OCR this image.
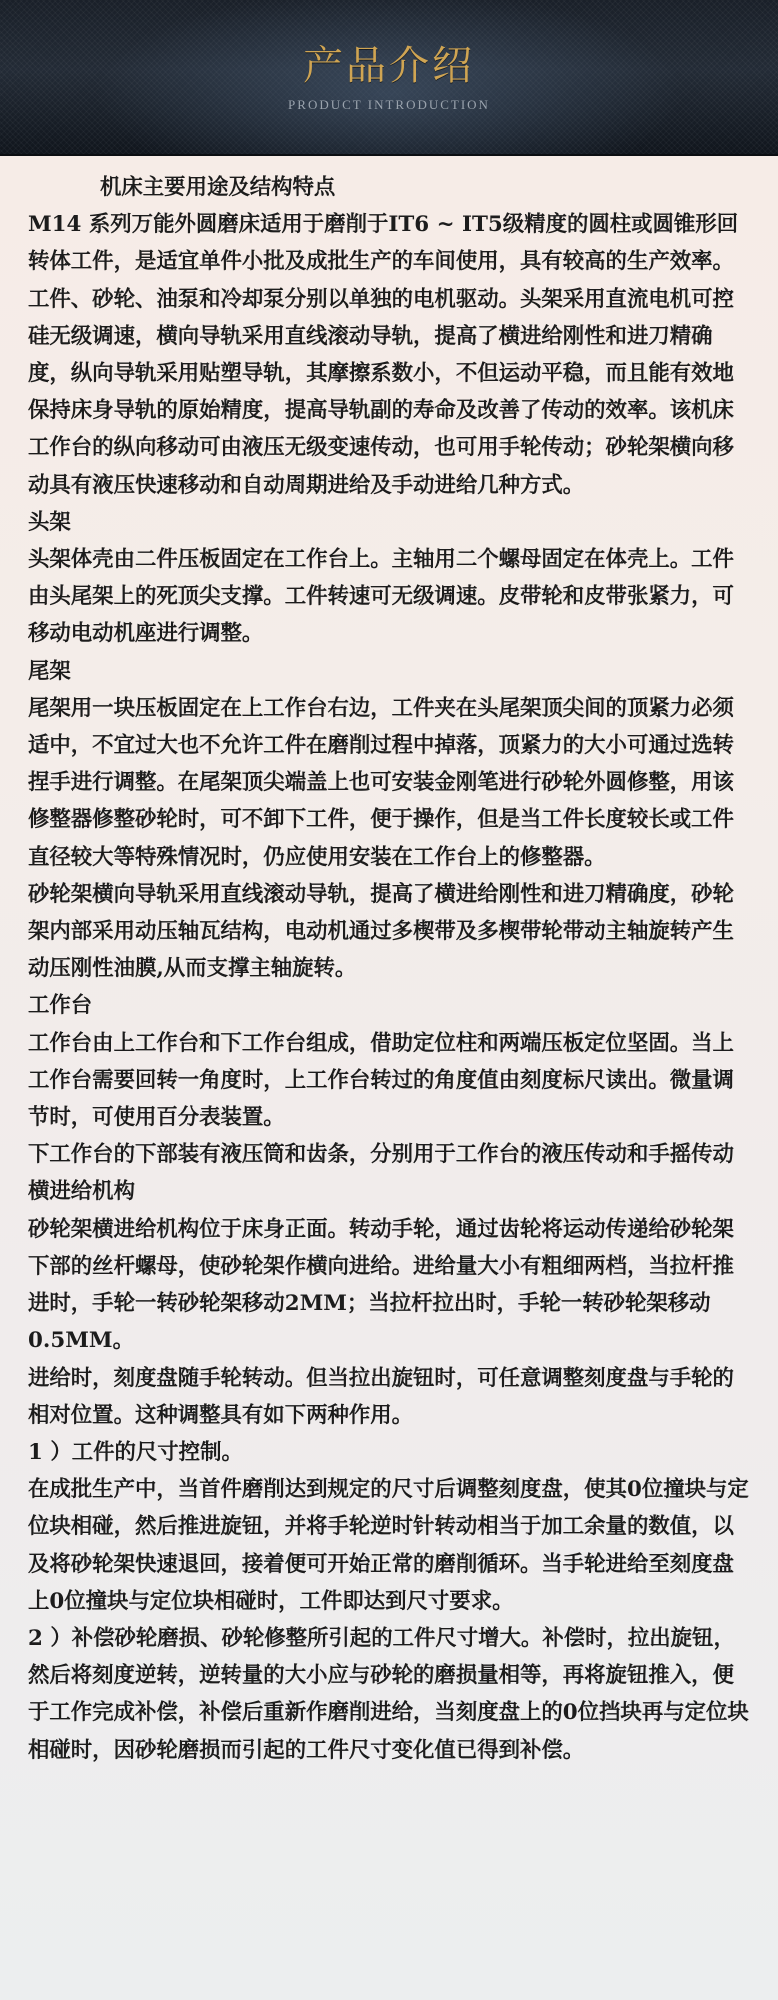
产品介绍
PRODUCT INTRODUCTION

机床主要用途及结构特点

M14 系列万能外圆磨床适用于磨削于IT6 ~ IT5级精度的圆柱或圆锥形回转体工件，是适宜单件小批及成批生产的车间使用，具有较高的生产效率。工件、砂轮、油泵和冷却泵分别以单独的电机驱动。头架采用直流电机可控硅无级调速，横向导轨采用直线滚动导轨，提高了横进给刚性和进刀精确度，纵向导轨采用贴塑导轨，其摩擦系数小，不但运动平稳，而且能有效地保持床身导轨的原始精度，提高导轨副的寿命及改善了传动的效率。该机床工作台的纵向移动可由液压无级变速传动，也可用手轮传动；砂轮架横向移动具有液压快速移动和自动周期进给及手动进给几种方式。

头架

头架体壳由二件压板固定在工作台上。主轴用二个螺母固定在体壳上。工件由头尾架上的死顶尖支撑。工件转速可无级调速。皮带轮和皮带张紧力，可移动电动机座进行调整。

尾架

尾架用一块压板固定在上工作台右边，工件夹在头尾架顶尖间的顶紧力必须适中，不宜过大也不允许工件在磨削过程中掉落，顶紧力的大小可通过选转捏手进行调整。在尾架顶尖端盖上也可安装金刚笔进行砂轮外圆修整，用该修整器修整砂轮时，可不卸下工件，便于操作，但是当工件长度较长或工件直径较大等特殊情况时，仍应使用安装在工作台上的修整器。

砂轮架横向导轨采用直线滚动导轨，提高了横进给刚性和进刀精确度，砂轮架内部采用动压轴瓦结构，电动机通过多楔带及多楔带轮带动主轴旋转产生动压刚性油膜,从而支撑主轴旋转。

工作台

工作台由上工作台和下工作台组成，借助定位柱和两端压板定位坚固。当上工作台需要回转一角度时，上工作台转过的角度值由刻度标尺读出。微量调节时，可使用百分表装置。

下工作台的下部装有液压筒和齿条，分别用于工作台的液压传动和手摇传动

横进给机构

砂轮架横进给机构位于床身正面。转动手轮，通过齿轮将运动传递给砂轮架下部的丝杆螺母，使砂轮架作横向进给。进给量大小有粗细两档，当拉杆推进时，手轮一转砂轮架移动2MM；当拉杆拉出时，手轮一转砂轮架移动0.5MM。

进给时，刻度盘随手轮转动。但当拉出旋钮时，可任意调整刻度盘与手轮的相对位置。这种调整具有如下两种作用。

1 ）工件的尺寸控制。

在成批生产中，当首件磨削达到规定的尺寸后调整刻度盘，使其0位撞块与定位块相碰，然后推进旋钮，并将手轮逆时针转动相当于加工余量的数值，以及将砂轮架快速退回，接着便可开始正常的磨削循环。当手轮进给至刻度盘上0位撞块与定位块相碰时，工件即达到尺寸要求。

2 ）补偿砂轮磨损、砂轮修整所引起的工件尺寸增大。补偿时，拉出旋钮，然后将刻度逆转，逆转量的大小应与砂轮的磨损量相等，再将旋钮推入，便于工作完成补偿，补偿后重新作磨削进给，当刻度盘上的0位挡块再与定位块相碰时，因砂轮磨损而引起的工件尺寸变化值已得到补偿。
